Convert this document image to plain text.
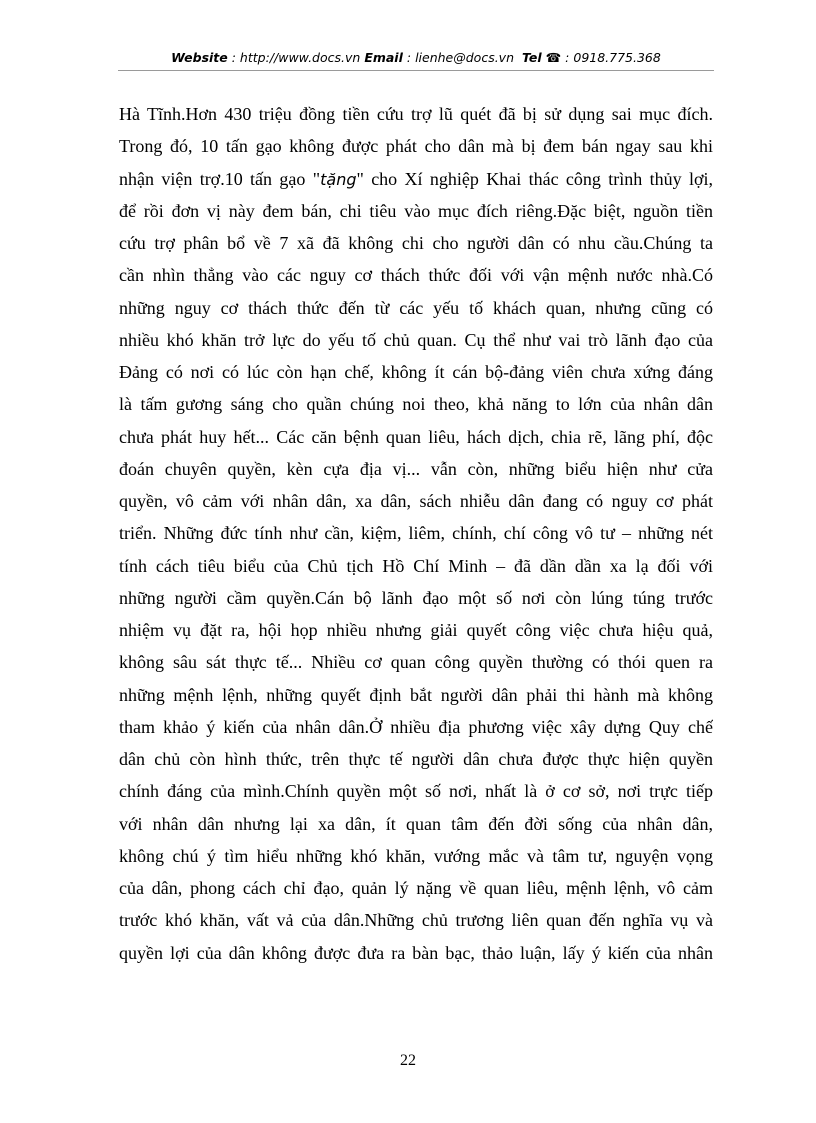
Website : http://www.docs.vn Email : lienhe@docs.vn Tel ☎ : 0918.775.368
Hà Tĩnh.Hơn 430 triệu đồng tiền cứu trợ lũ quét đã bị sử dụng sai mục đích.
Trong đó, 10 tấn gạo không được phát cho dân mà bị đem bán ngay sau khi
nhận viện trợ.10 tấn gạo "tặng" cho Xí nghiệp Khai thác công trình thủy lợi,
để rồi đơn vị này đem bán, chi tiêu vào mục đích riêng.Đặc biệt, nguồn tiền
cứu trợ phân bổ về 7 xã đã không chi cho người dân có nhu cầu.Chúng ta
cần nhìn thẳng vào các nguy cơ thách thức đối với vận mệnh nước nhà.Có
những nguy cơ thách thức đến từ các yếu tố khách quan, nhưng cũng có
nhiều khó khăn trở lực do yếu tố chủ quan. Cụ thể như vai trò lãnh đạo của
Đảng có nơi có lúc còn hạn chế, không ít cán bộ-đảng viên chưa xứng đáng
là tấm gương sáng cho quần chúng noi theo, khả năng to lớn của nhân dân
chưa phát huy hết... Các căn bệnh quan liêu, hách dịch, chia rẽ, lãng phí, độc
đoán chuyên quyền, kèn cựa địa vị... vẫn còn, những biểu hiện như cửa
quyền, vô cảm với nhân dân, xa dân, sách nhiễu dân đang có nguy cơ phát
triển. Những đức tính như cần, kiệm, liêm, chính, chí công vô tư – những nét
tính cách tiêu biểu của Chủ tịch Hồ Chí Minh – đã dần dần xa lạ đối với
những người cầm quyền.Cán bộ lãnh đạo một số nơi còn lúng túng trước
nhiệm vụ đặt ra, hội họp nhiều nhưng giải quyết công việc chưa hiệu quả,
không sâu sát thực tế... Nhiều cơ quan công quyền thường có thói quen ra
những mệnh lệnh, những quyết định bắt người dân phải thi hành mà không
tham khảo ý kiến của nhân dân.Ở nhiều địa phương việc xây dựng Quy chế
dân chủ còn hình thức, trên thực tế người dân chưa được thực hiện quyền
chính đáng của mình.Chính quyền một số nơi, nhất là ở cơ sở, nơi trực tiếp
với nhân dân nhưng lại xa dân, ít quan tâm đến đời sống của nhân dân,
không chú ý tìm hiểu những khó khăn, vướng mắc và tâm tư, nguyện vọng
của dân, phong cách chỉ đạo, quản lý nặng về quan liêu, mệnh lệnh, vô cảm
trước khó khăn, vất vả của dân.Những chủ trương liên quan đến nghĩa vụ và
quyền lợi của dân không được đưa ra bàn bạc, thảo luận, lấy ý kiến của nhân
22
